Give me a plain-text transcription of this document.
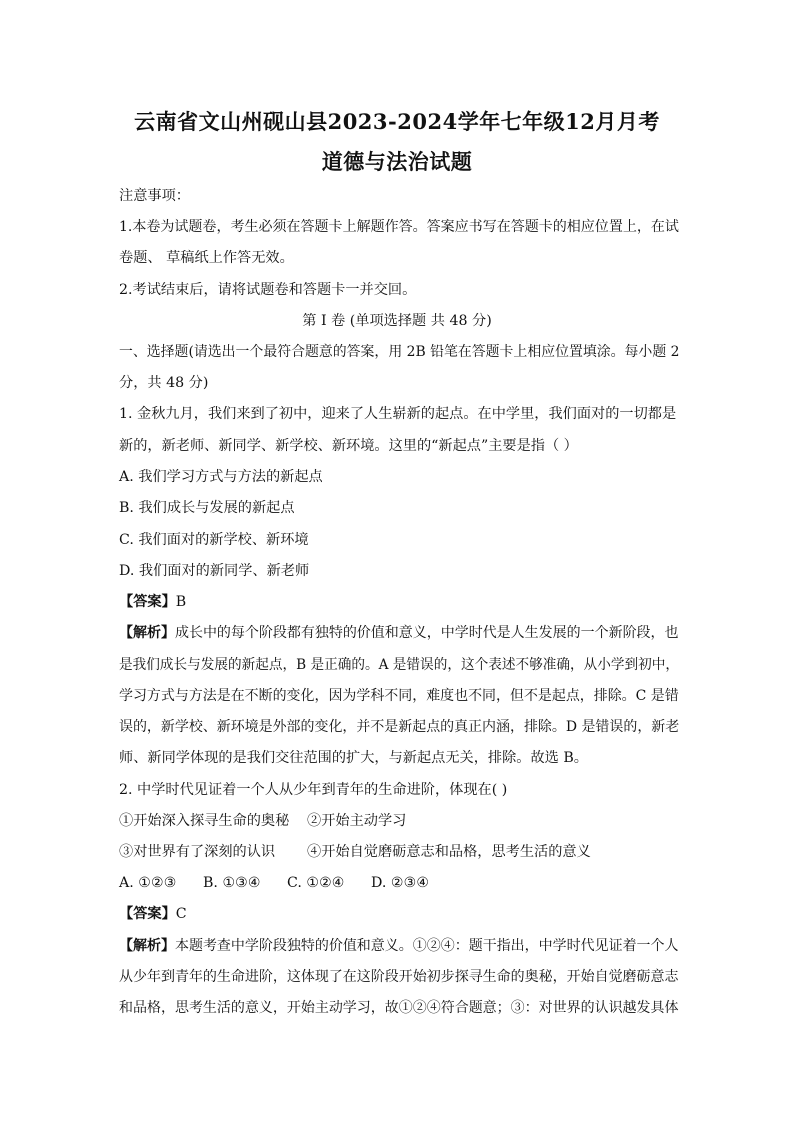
云南省文山州砚山县2023-2024学年七年级12月月考
道德与法治试题
注意事项：
1.本卷为试题卷，考生必须在答题卡上解题作答。答案应书写在答题卡的相应位置上，在试
卷题、 草稿纸上作答无效。
2.考试结束后，请将试题卷和答题卡一并交回。
第 I 卷 (单项选择题 共 48 分)
一、选择题(请选出一个最符合题意的答案，用 2B 铅笔在答题卡上相应位置填涂。每小题 2
分，共 48 分)
1. 金秋九月，我们来到了初中，迎来了人生崭新的起点。在中学里，我们面对的一切都是
新的，新老师、新同学、新学校、新环境。这里的“新起点”主要是指（ ）
A. 我们学习方式与方法的新起点
B. 我们成长与发展的新起点
C. 我们面对的新学校、新环境
D. 我们面对的新同学、新老师
【答案】B
【解析】成长中的每个阶段都有独特的价值和意义，中学时代是人生发展的一个新阶段，也
是我们成长与发展的新起点，B 是正确的。A 是错误的，这个表述不够准确，从小学到初中，
学习方式与方法是在不断的变化，因为学科不同，难度也不同，但不是起点，排除。C 是错
误的，新学校、新环境是外部的变化，并不是新起点的真正内涵，排除。D 是错误的，新老
师、新同学体现的是我们交往范围的扩大，与新起点无关，排除。故选 B。
2. 中学时代见证着一个人从少年到青年的生命进阶，体现在( )
①开始深入探寻生命的奥秘 ②开始主动学习
③对世界有了深刻的认识 ④开始自觉磨砺意志和品格，思考生活的意义
A. ①②③ B. ①③④ C. ①②④ D. ②③④
【答案】C
【解析】本题考查中学阶段独特的价值和意义。①②④：题干指出，中学时代见证着一个人
从少年到青年的生命进阶，这体现了在这阶段开始初步探寻生命的奥秘，开始自觉磨砺意志
和品格，思考生活的意义，开始主动学习，故①②④符合题意；③：对世界的认识越发具体
